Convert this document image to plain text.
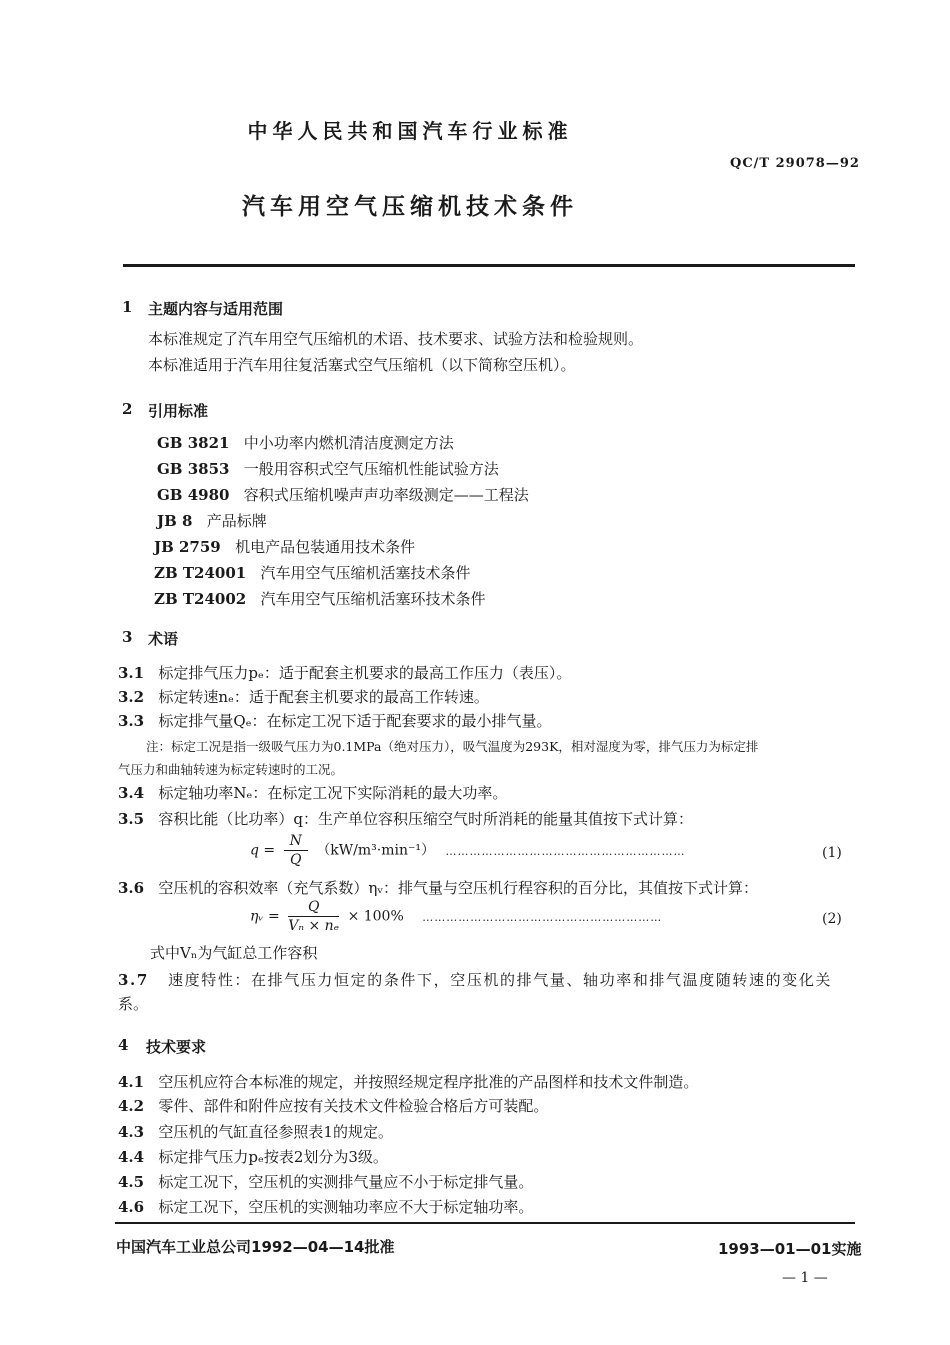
中华人民共和国汽车行业标准
QC/T 29078—92
汽车用空气压缩机技术条件
1 主题内容与适用范围
本标准规定了汽车用空气压缩机的术语、技术要求、试验方法和检验规则。
本标准适用于汽车用往复活塞式空气压缩机（以下简称空压机）。
2 引用标准
GB 3821 中小功率内燃机清洁度测定方法
GB 3853 一般用容积式空气压缩机性能试验方法
GB 4980 容积式压缩机噪声声功率级测定——工程法
JB 8 产品标牌
JB 2759 机电产品包装通用技术条件
ZB T24001 汽车用空气压缩机活塞技术条件
ZB T24002 汽车用空气压缩机活塞环技术条件
3 术语
3.1 标定排气压力pₑ：适于配套主机要求的最高工作压力（表压）。
3.2 标定转速nₑ：适于配套主机要求的最高工作转速。
3.3 标定排气量Qₑ：在标定工况下适于配套要求的最小排气量。
注：标定工况是指一级吸气压力为0.1MPa（绝对压力），吸气温度为293K，相对湿度为零，排气压力为标定排
气压力和曲轴转速为标定转速时的工况。
3.4 标定轴功率Nₑ：在标定工况下实际消耗的最大功率。
3.5 容积比能（比功率）q：生产单位容积压缩空气时所消耗的能量其值按下式计算：
$q = \frac{N}{Q} (kW/m^3\cdot\min^{-1})$ ……………………………………………………	(1)
3.6 空压机的容积效率（充气系数）ηᵥ：排气量与空压机行程容积的百分比，其值按下式计算：
ηᵥ = $\frac{Q}{\text{Vₙ × nₑ}} \times 100\%$ ……………………………………………………	(2)
式中Vₙ为气缸总工作容积
3.7 速度特性：在排气压力恒定的条件下，空压机的排气量、轴功率和排气温度随转速的变化关
系。
4 技术要求
4.1 空压机应符合本标准的规定，并按照经规定程序批准的产品图样和技术文件制造。
4.2 零件、部件和附件应按有关技术文件检验合格后方可装配。
4.3 空压机的气缸直径参照表1的规定。
4.4 标定排气压力pₑ按表2划分为3级。
4.5 标定工况下，空压机的实测排气量应不小于标定排气量。
4.6 标定工况下，空压机的实测轴功率应不大于标定轴功率。
中国汽车工业总公司1992—04—14批准	1993—01—01实施
— 1 —
